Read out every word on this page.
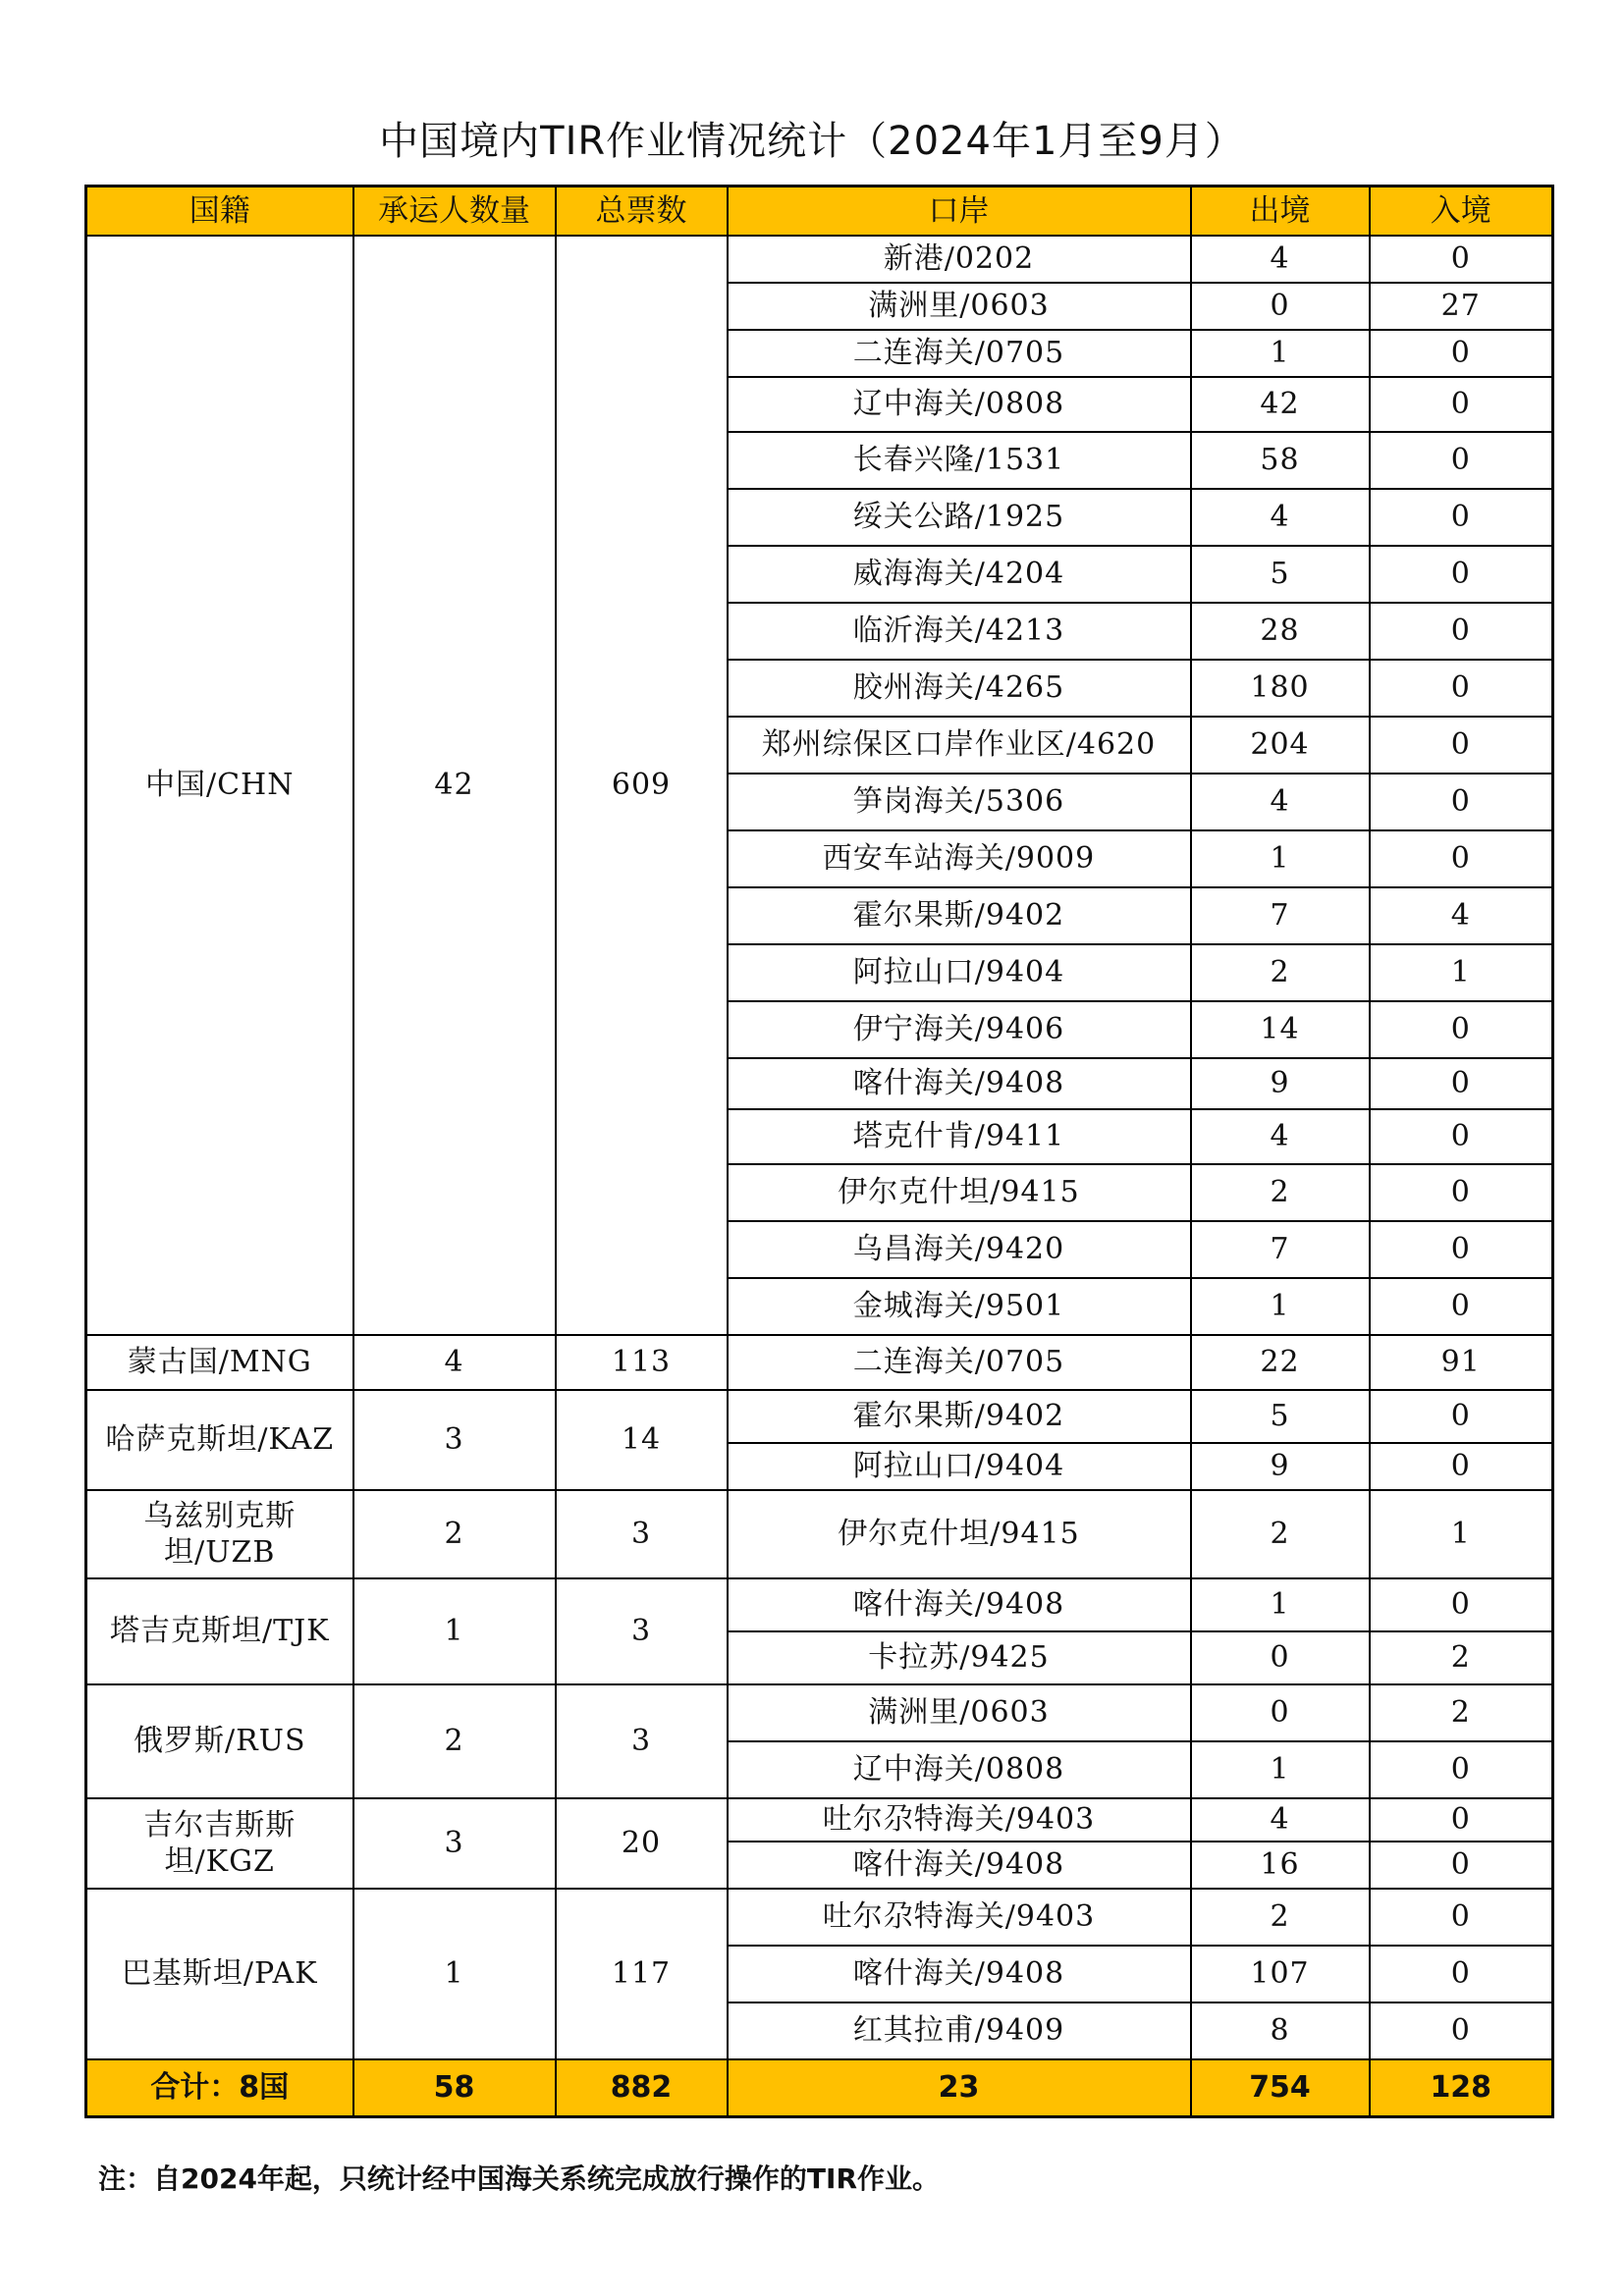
中国境内TIR作业情况统计（2024年1月至9月）
国籍	承运人数量	总票数	口岸	出境	入境
中国/CHN	42	609	新港/0202	4	0
			满洲里/0603	0	27
			二连海关/0705	1	0
			辽中海关/0808	42	0
			长春兴隆/1531	58	0
			绥关公路/1925	4	0
			威海海关/4204	5	0
			临沂海关/4213	28	0
			胶州海关/4265	180	0
			郑州综保区口岸作业区/4620	204	0
			笋岗海关/5306	4	0
			西安车站海关/9009	1	0
			霍尔果斯/9402	7	4
			阿拉山口/9404	2	1
			伊宁海关/9406	14	0
			喀什海关/9408	9	0
			塔克什肯/9411	4	0
			伊尔克什坦/9415	2	0
			乌昌海关/9420	7	0
			金城海关/9501	1	0
蒙古国/MNG	4	113	二连海关/0705	22	91
哈萨克斯坦/KAZ	3	14	霍尔果斯/9402	5	0
			阿拉山口/9404	9	0
乌兹别克斯坦/UZB	2	3	伊尔克什坦/9415	2	1
塔吉克斯坦/TJK	1	3	喀什海关/9408	1	0
			卡拉苏/9425	0	2
俄罗斯/RUS	2	3	满洲里/0603	0	2
			辽中海关/0808	1	0
吉尔吉斯斯坦/KGZ	3	20	吐尔尕特海关/9403	4	0
			喀什海关/9408	16	0
巴基斯坦/PAK	1	117	吐尔尕特海关/9403	2	0
			喀什海关/9408	107	0
			红其拉甫/9409	8	0
合计：8国	58	882	23	754	128
注：自2024年起，只统计经中国海关系统完成放行操作的TIR作业。
